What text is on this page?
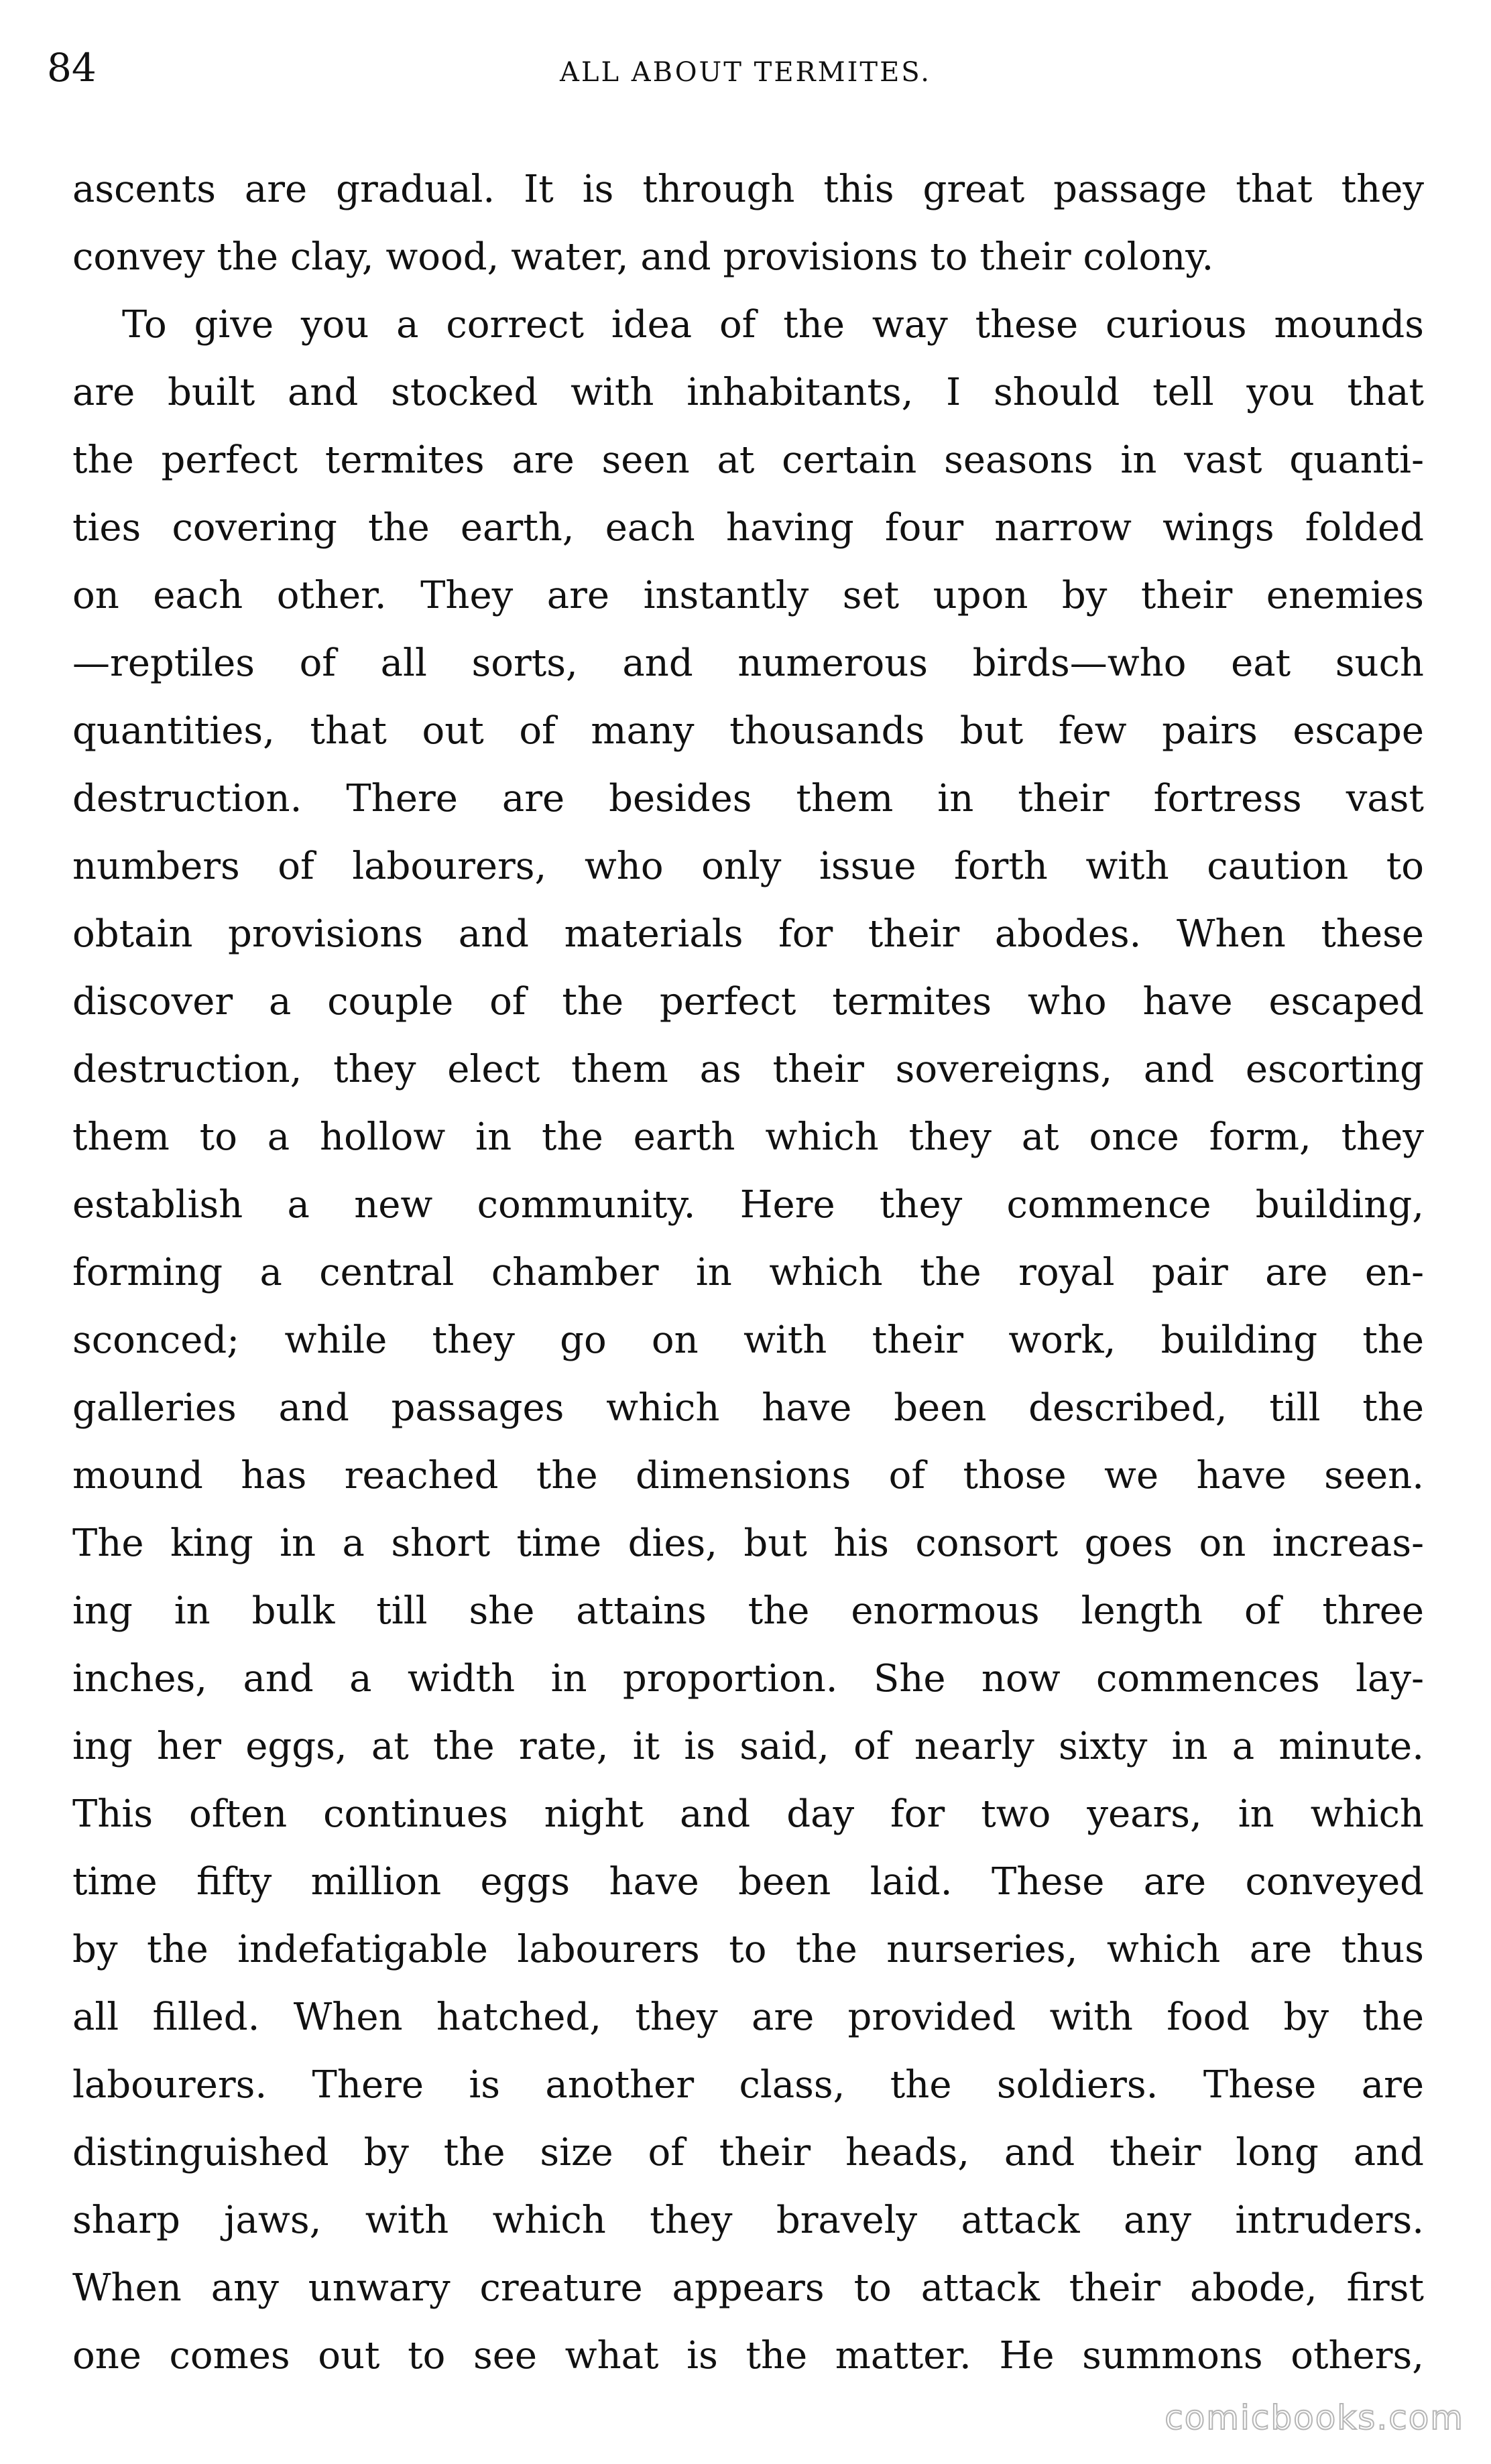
84	ALL ABOUT TERMITES.
ascents are gradual. It is through this great passage that they
convey the clay, wood, water, and provisions to their colony.
To give you a correct idea of the way these curious mounds
are built and stocked with inhabitants, I should tell you that
the perfect termites are seen at certain seasons in vast quanti-
ties covering the earth, each having four narrow wings folded
on each other. They are instantly set upon by their enemies
—reptiles of all sorts, and numerous birds—who eat such
quantities, that out of many thousands but few pairs escape
destruction. There are besides them in their fortress vast
numbers of labourers, who only issue forth with caution to
obtain provisions and materials for their abodes. When these
discover a couple of the perfect termites who have escaped
destruction, they elect them as their sovereigns, and escorting
them to a hollow in the earth which they at once form, they
establish a new community. Here they commence building,
forming a central chamber in which the royal pair are en-
sconced; while they go on with their work, building the
galleries and passages which have been described, till the
mound has reached the dimensions of those we have seen.
The king in a short time dies, but his consort goes on increas-
ing in bulk till she attains the enormous length of three
inches, and a width in proportion. She now commences lay-
ing her eggs, at the rate, it is said, of nearly sixty in a minute.
This often continues night and day for two years, in which
time fifty million eggs have been laid. These are conveyed
by the indefatigable labourers to the nurseries, which are thus
all filled. When hatched, they are provided with food by the
labourers. There is another class, the soldiers. These are
distinguished by the size of their heads, and their long and
sharp jaws, with which they bravely attack any intruders.
When any unwary creature appears to attack their abode, first
one comes out to see what is the matter. He summons others,
comicbooks.com
